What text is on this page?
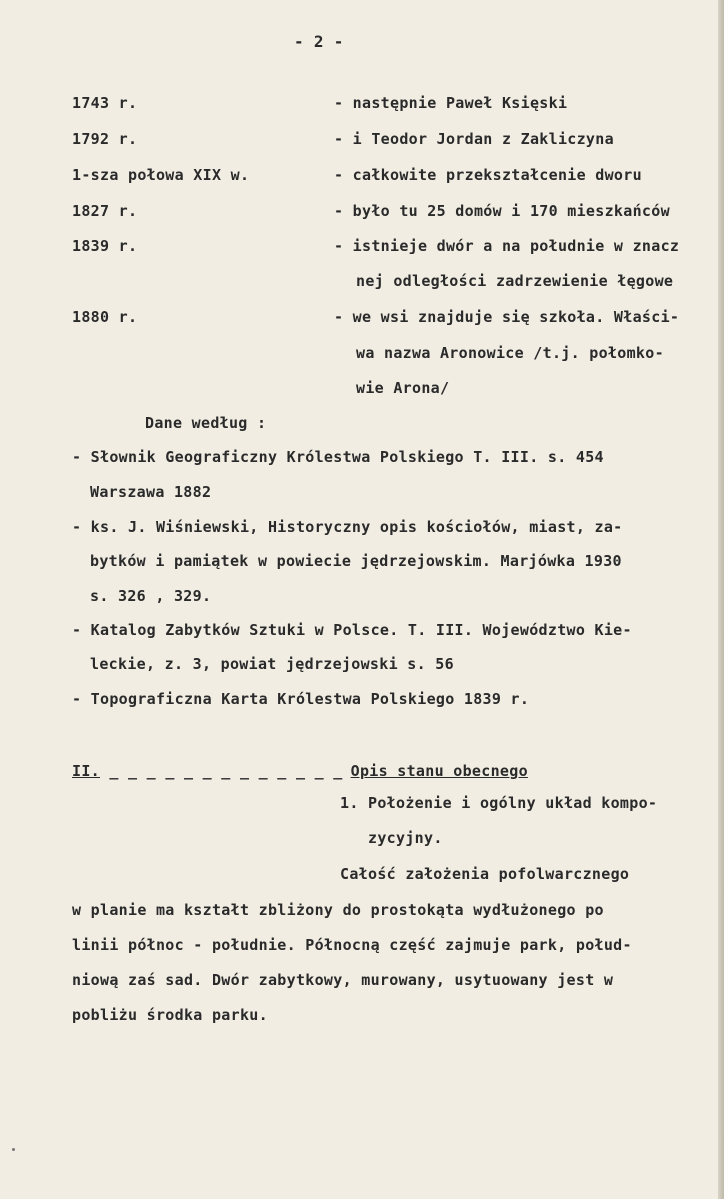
- 2 -
1743 r.	- następnie Paweł Księski
1792 r.	- i Teodor Jordan z Zakliczyna
1-sza połowa XIX w.	- całkowite przekształcenie dworu
1827 r.	- było tu 25 domów i 170 mieszkańców
1839 r.	- istnieje dwór a na południe w znacz
nej odległości zadrzewienie łęgowe
1880 r.	- we wsi znajduje się szkoła. Właści-
wa nazwa Aronowice /t.j. połomko-
wie Arona/
Dane według :
- Słownik Geograficzny Królestwa Polskiego T. III. s. 454
Warszawa 1882
- ks. J. Wiśniewski, Historyczny opis kościołów, miast, za-
bytków i pamiątek w powiecie jędrzejowskim. Marjówka 1930
s. 326 , 329.
- Katalog Zabytków Sztuki w Polsce. T. III. Województwo Kie-
leckie, z. 3, powiat jędrzejowski s. 56
- Topograficzna Karta Królestwa Polskiego 1839 r.
II. _ _ _ _ _ _ _ _ _ _ _ _ _ Opis stanu obecnego
1. Położenie i ogólny układ kompo-
zycyjny.
Całość założenia pofolwarcznego
w planie ma kształt zbliżony do prostokąta wydłużonego po
linii północ - południe. Północną część zajmuje park, połud-
niową zaś sad. Dwór zabytkowy, murowany, usytuowany jest w
pobliżu środka parku.
